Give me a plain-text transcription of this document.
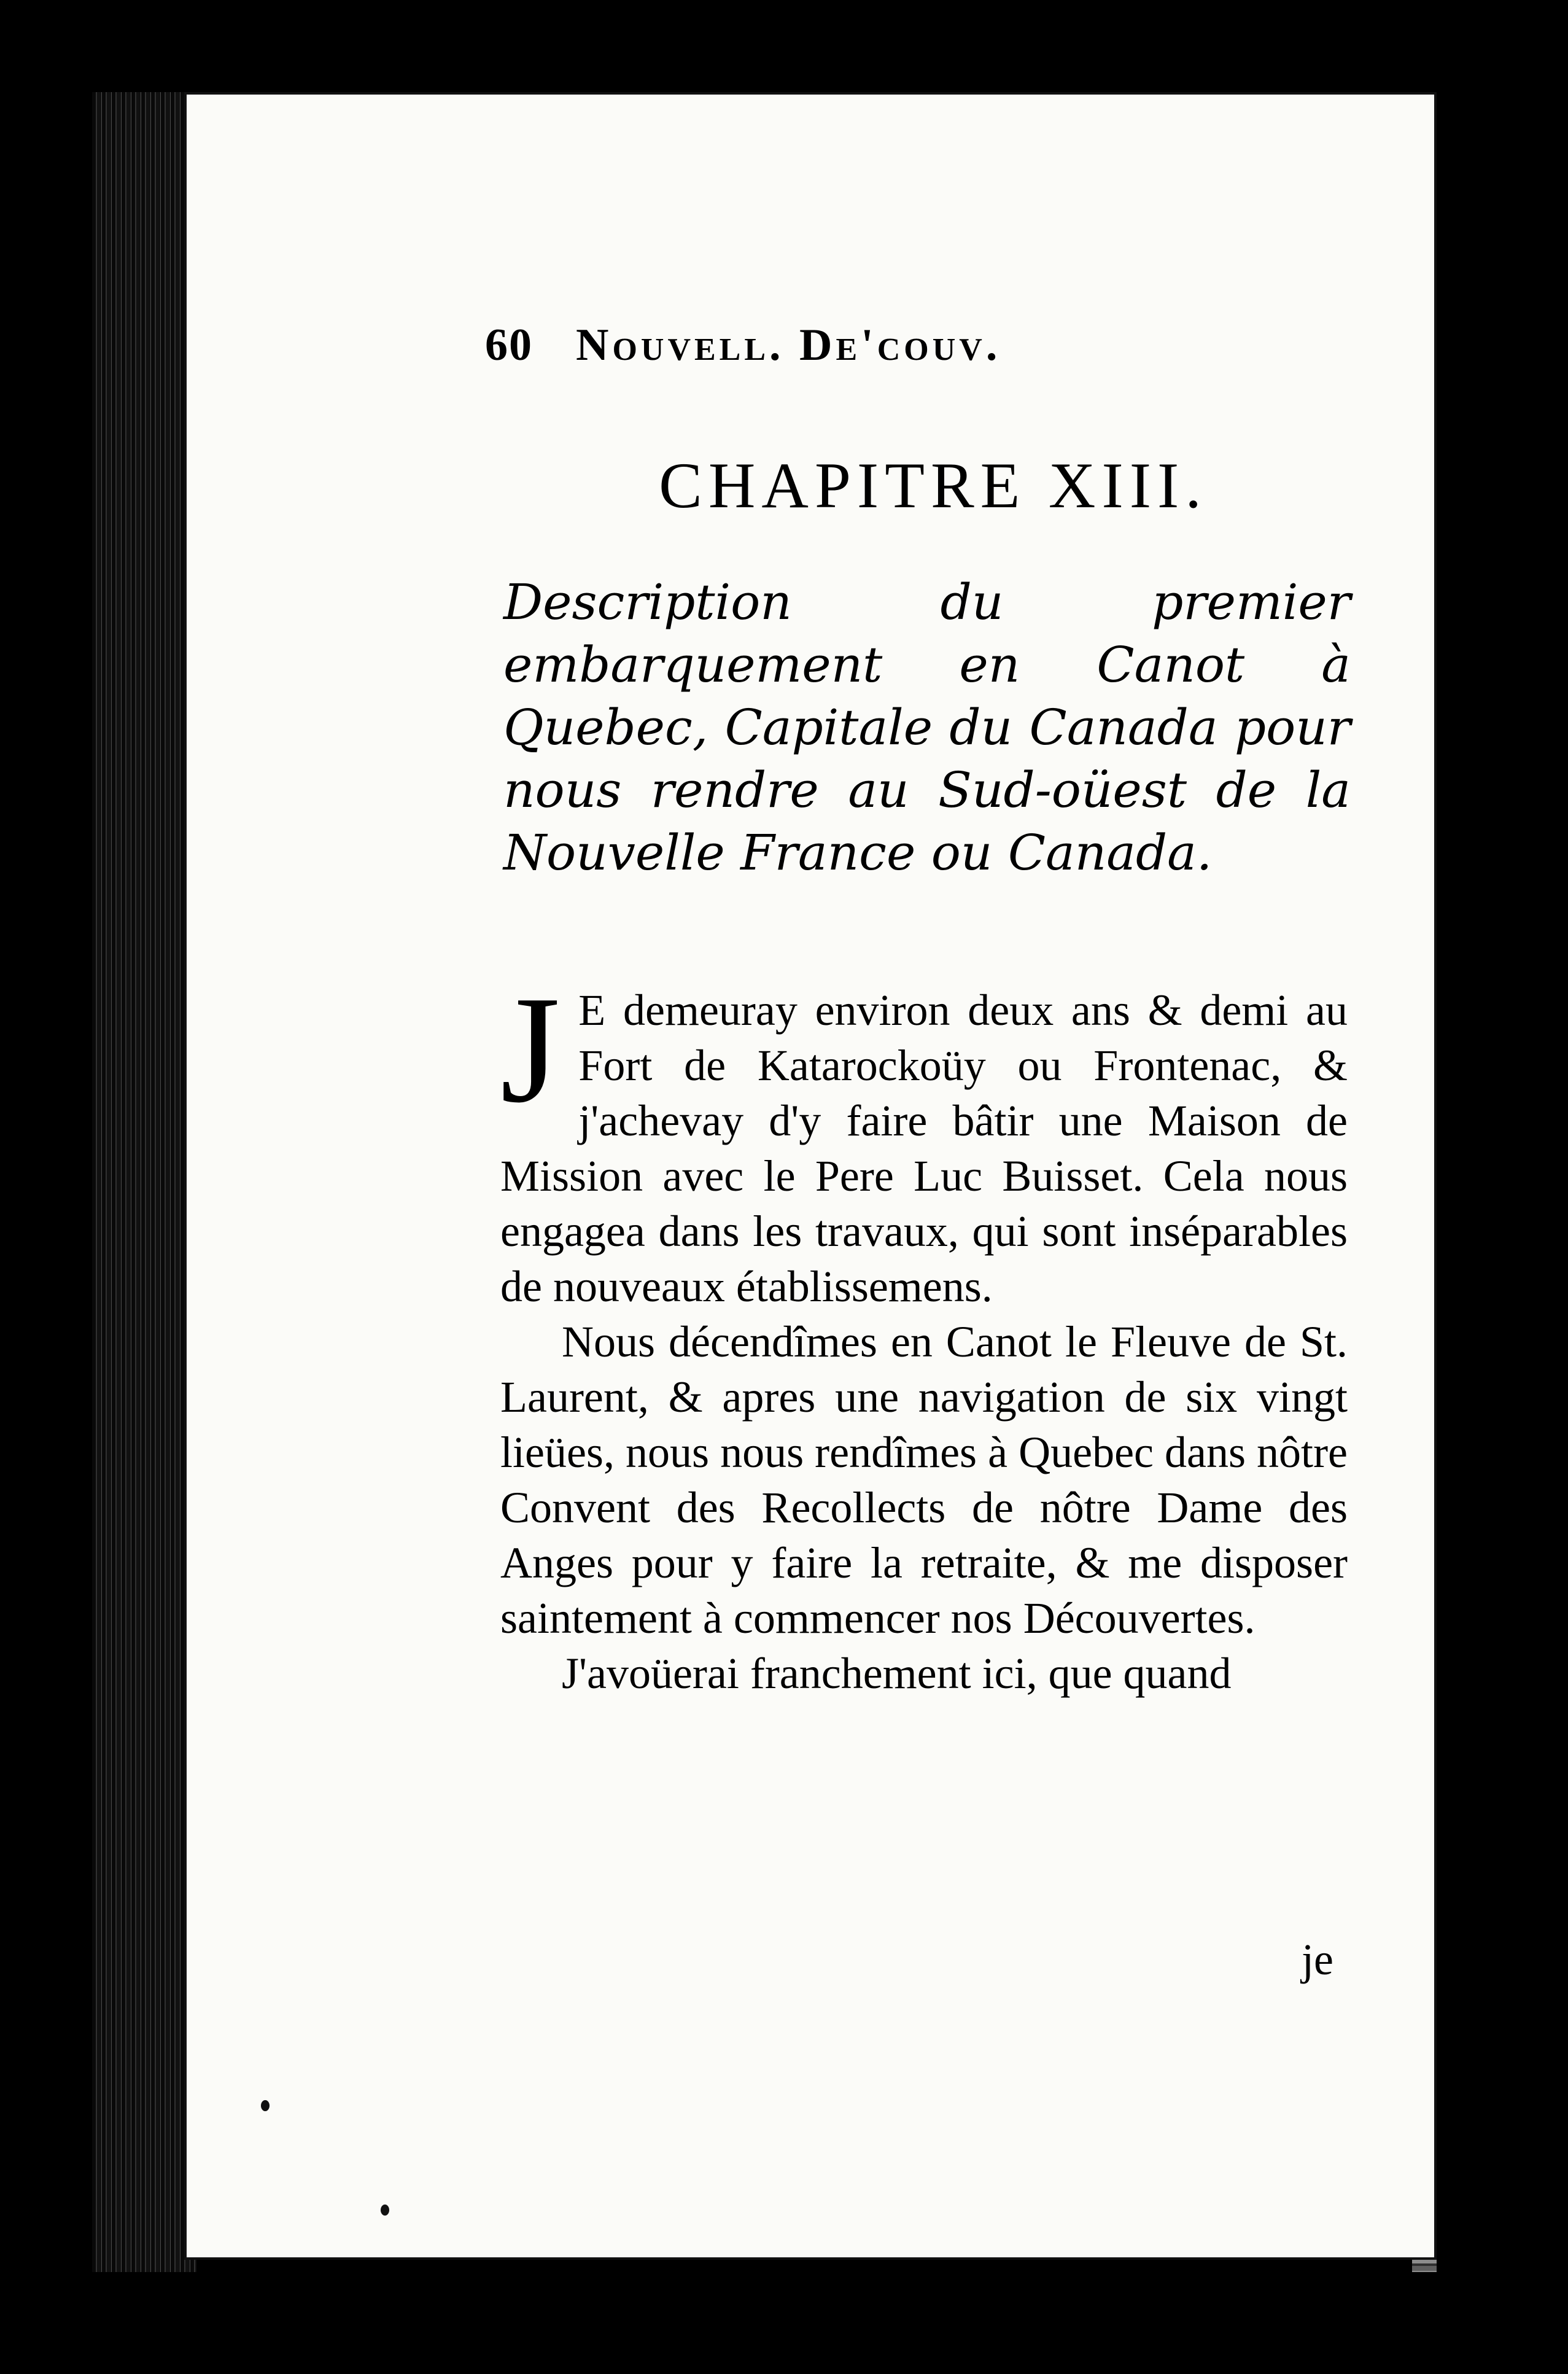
60 Nouvell. De'couv.
CHAPITRE XIII.
Description du premier embarquement en Canot à Quebec, Capitale du Canada pour nous rendre au Sud-oüest de la Nouvelle France ou Canada.

J E demeuray environ deux ans & demi au Fort de Katarockoüy ou Frontenac, & j'achevay d'y faire bâtir une Maison de Mission avec le Pere Luc Buisset. Cela nous engagea dans les travaux, qui sont inséparables de nouveaux établissemens.

Nous décendîmes en Canot le Fleuve de St. Laurent, & apres une navigation de six vingt lieües, nous nous rendîmes à Quebec dans nôtre Convent des Recollects de nôtre Dame des Anges pour y faire la retraite, & me disposer saintement à commencer nos Découvertes.

J'avoüerai franchement ici, que quand

je
